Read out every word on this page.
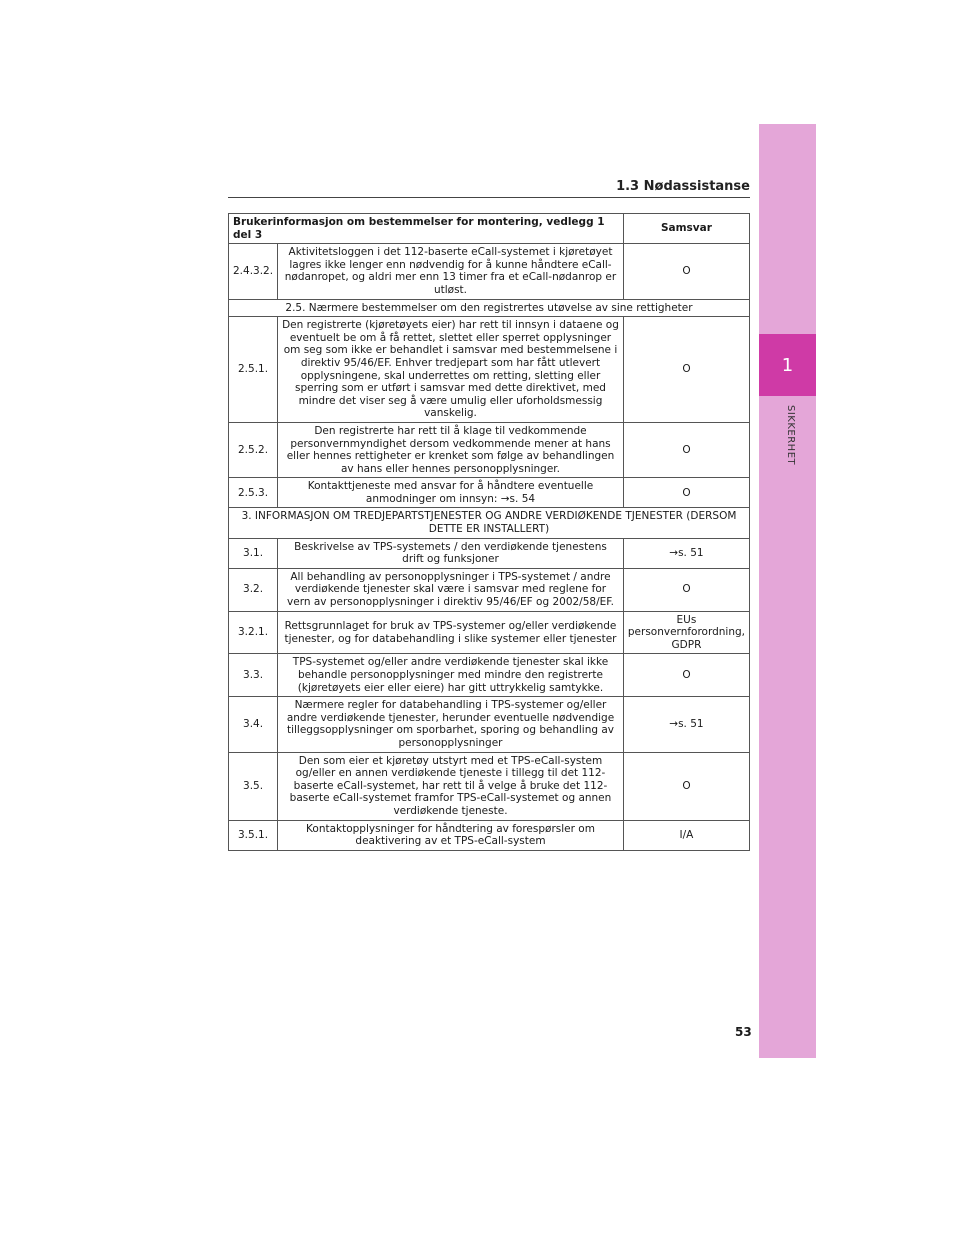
1
SIKKERHET
1.3 Nødassistanse
Brukerinformasjon om bestemmelser for montering, vedlegg 1 del 3		Samsvar
2.4.3.2.	Aktivitetsloggen i det 112-baserte eCall-systemet i kjøretøyet lagres ikke lenger enn nødvendig for å kunne håndtere eCall-nødanropet, og aldri mer enn 13 timer fra et eCall-nødanrop er utløst.	O
2.5. Nærmere bestemmelser om den registrertes utøvelse av sine rettigheter		
2.5.1.	Den registrerte (kjøretøyets eier) har rett til innsyn i dataene og eventuelt be om å få rettet, slettet eller sperret opplysninger om seg som ikke er behandlet i samsvar med bestemmelsene i direktiv 95/46/EF. Enhver tredjepart som har fått utlevert opplysningene, skal underrettes om retting, sletting eller sperring som er utført i samsvar med dette direktivet, med mindre det viser seg å være umulig eller uforholdsmessig vanskelig.	O
2.5.2.	Den registrerte har rett til å klage til vedkommende personvernmyndighet dersom vedkommende mener at hans eller hennes rettigheter er krenket som følge av behandlingen av hans eller hennes personopplysninger.	O
2.5.3.	Kontakttjeneste med ansvar for å håndtere eventuelle anmodninger om innsyn: →s. 54	O
3. INFORMASJON OM TREDJEPARTSTJENESTER OG ANDRE VERDIØKENDE TJENESTER (DERSOM DETTE ER INSTALLERT)		
3.1.	Beskrivelse av TPS-systemets / den verdiøkende tjenestens drift og funksjoner	→s. 51
3.2.	All behandling av personopplysninger i TPS-systemet / andre verdiøkende tjenester skal være i samsvar med reglene for vern av personopplysninger i direktiv 95/46/EF og 2002/58/EF.	O
3.2.1.	Rettsgrunnlaget for bruk av TPS-systemer og/eller verdiøkende tjenester, og for databehandling i slike systemer eller tjenester	EUs personvernforordning, GDPR
3.3.	TPS-systemet og/eller andre verdiøkende tjenester skal ikke behandle personopplysninger med mindre den registrerte (kjøretøyets eier eller eiere) har gitt uttrykkelig samtykke.	O
3.4.	Nærmere regler for databehandling i TPS-systemer og/eller andre verdiøkende tjenester, herunder eventuelle nødvendige tilleggsopplysninger om sporbarhet, sporing og behandling av personopplysninger	→s. 51
3.5.	Den som eier et kjøretøy utstyrt med et TPS-eCall-system og/eller en annen verdiøkende tjeneste i tillegg til det 112-baserte eCall-systemet, har rett til å velge å bruke det 112-baserte eCall-systemet framfor TPS-eCall-systemet og annen verdiøkende tjeneste.	O
3.5.1.	Kontaktopplysninger for håndtering av forespørsler om deaktivering av et TPS-eCall-system	I/A
53
